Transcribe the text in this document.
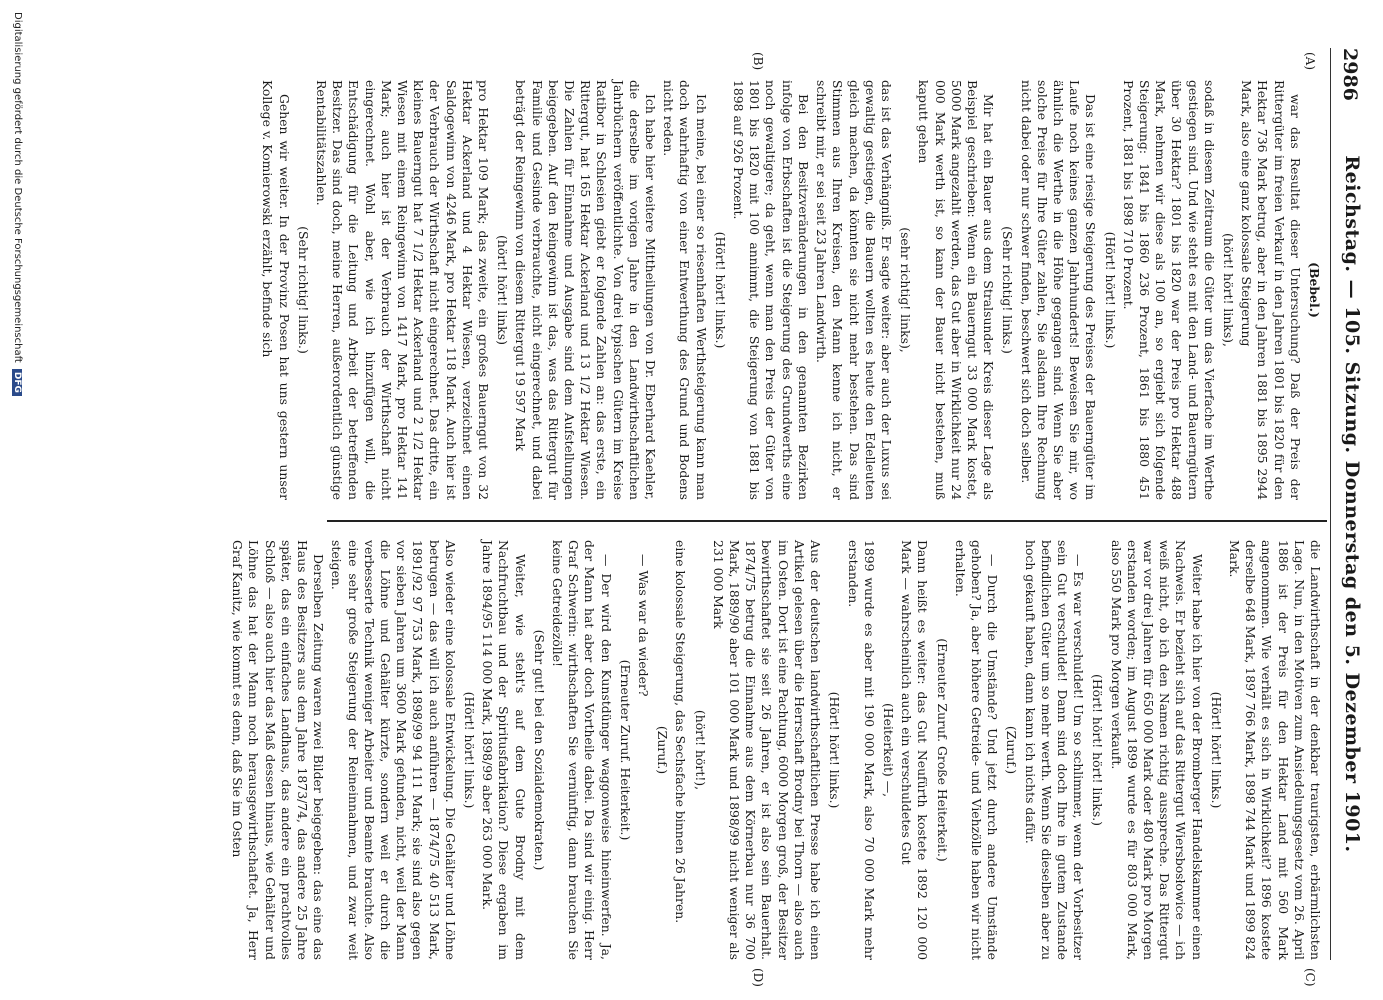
2986
Reichstag. — 105. Sitzung. Donnerstag den 5. Dezember 1901.
(A)
(B)
(C)
(D)

(Bebel.)

war das Resultat dieser Untersuchung? Daß der Preis der Rittergüter im freien Verkauf in den Jahren 1801 bis 1820 für den Hektar 736 Mark betrug, aber in den Jahren 1881 bis 1895 2944 Mark, also eine ganz kolossale Steigerung

(hört! hört! links),

sodaß in diesem Zeitraum die Güter um das Vierfache im Werthe gestiegen sind. Und wie steht es mit den Land- und Bauerngütern über 30 Hektar? 1801 bis 1820 war der Preis pro Hektar 488 Mark, nehmen wir diese als 100 an, so ergiebt sich folgende Steigerung: 1841 bis 1860 236 Prozent, 1861 bis 1880 451 Prozent, 1881 bis 1898 710 Prozent.

(Hört! hört! links.)

Das ist eine riesige Steigerung des Preises der Bauerngüter im Laufe noch keines ganzen Jahrhunderts! Beweisen Sie mir, wo ähnlich die Werthe in die Höhe gegangen sind. Wenn Sie aber solche Preise für Ihre Güter zahlen, Sie alsdann Ihre Rechnung nicht dabei oder nur schwer finden, beschwert sich doch selber.

(Sehr richtig! links.)

Mir hat ein Bauer aus dem Stralsunder Kreis dieser Lage als Beispiel geschrieben: Wenn ein Bauerngut 33 000 Mark kostet, 5000 Mark angezahlt werden, das Gut aber in Wirklichkeit nur 24 000 Mark werth ist, so kann der Bauer nicht bestehen, muß kaputt gehen

(sehr richtig! links),

das ist das Verhängniß. Er sagte weiter: aber auch der Luxus sei gewaltig gestiegen, die Bauern wollten es heute den Edelleuten gleich machen, da könnten sie nicht mehr bestehen. Das sind Stimmen aus Ihren Kreisen, den Mann kenne ich nicht, er schreibt mir, er sei seit 23 Jahren Landwirth.

Bei den Besitzveränderungen in den genannten Bezirken infolge von Erbschaften ist die Steigerung des Grundwerths eine noch gewaltigere; da geht, wenn man den Preis der Güter von 1801 bis 1820 mit 100 annimmt, die Steigerung von 1881 bis 1898 auf 926 Prozent.

(Hört! hört! links.)

Ich meine, bei einer so riesenhaften Werthsteigerung kann man doch wahrhaftig von einer Entwerthung des Grund und Bodens nicht reden.

Ich habe hier weitere Mittheilungen von Dr. Eberhard Kaehler, die derselbe im vorigen Jahre in den Landwirthschaftlichen Jahrbüchern veröffentlichte. Von drei typischen Gütern im Kreise Ratibor in Schlesien giebt er folgende Zahlen an: das erste, ein Rittergut, hat 165 Hektar Ackerland und 13 1/2 Hektar Wiesen. Die Zahlen für Einnahme und Ausgabe sind dem Aufstellungen beigegeben. Auf den Reingewinn ist das, was das Rittergut für Familie und Gesinde verbrauchte, nicht eingerechnet, und dabei beträgt der Reingewinn von diesem Rittergut 19 597 Mark

(hört! hört! links)

pro Hektar 109 Mark; das zweite, ein großes Bauerngut von 32 Hektar Ackerland und 4 Hektar Wiesen, verzeichnet einen Saldogewinn von 4246 Mark, pro Hektar 118 Mark. Auch hier ist der Verbrauch der Wirthschaft nicht eingerechnet. Das dritte, ein kleines Bauerngut hat 7 1/2 Hektar Ackerland und 2 1/2 Hektar Wiesen mit einem Reingewinn von 1417 Mark, pro Hektar 141 Mark; auch hier ist der Verbrauch der Wirthschaft nicht eingerechnet. Wohl aber, wie ich hinzufügen will, die Entschädigung für die Leitung und Arbeit der betreffenden Besitzer. Das sind doch, meine Herren, außerordentlich günstige Rentabilitätszahlen.

(Sehr richtig! links.)

Gehen wir weiter. In der Provinz Posen hat uns gestern unser Kollege v. Komierowski erzählt, befinde sich

die Landwirthschaft in der denkbar traurigsten, erbärmlichsten Lage. Nun, in den Motiven zum Ansiedelungsgesetz vom 26. April 1886 ist der Preis für den Hektar Land mit 560 Mark angenommen. Wie verhält es sich in Wirklichkeit? 1896 kostete derselbe 648 Mark, 1897 766 Mark, 1898 744 Mark und 1899 824 Mark.

(Hört! hört! links.)

Weiter habe ich hier von der Bromberger Handelskammer einen Nachweis. Er bezieht sich auf das Rittergut Wiersbosłowice — ich weiß nicht, ob ich den Namen richtig ausspreche. Das Rittergut war vor drei Jahren für 650 000 Mark oder 480 Mark pro Morgen erstanden worden; im August 1899 wurde es für 803 000 Mark, also 550 Mark pro Morgen verkauft.

(Hört! hört! hört! links.)

— Es war verschuldet! Um so schlimmer, wenn der Vorbesitzer sein Gut verschuldet! Dann sind doch Ihre in gutem Zustande befindlichen Güter um so mehr werth. Wenn Sie dieselben aber zu hoch gekauft haben, dann kann ich nichts dafür.

(Zuruf.)

— Durch die Umstände? Und jetzt durch andere Umstände gehoben? Ja, aber höhere Getreide- und Viehzölle haben wir nicht erhalten.

(Erneuter Zuruf. Große Heiterkeit.)

Dann heißt es weiter: das Gut Neufürth kostete 1892 120 000 Mark — wahrscheinlich auch ein verschuldetes Gut

(Heiterkeit) —,

1899 wurde es aber mit 190 000 Mark, also 70 000 Mark mehr erstanden.

(Hört! hört! links.)

Aus der deutschen landwirthschaftlichen Presse habe ich einen Artikel gelesen über die Herrschaft Brodny bei Thorn — also auch im Osten. Dort ist eine Pachtung, 6000 Morgen groß, der Besitzer bewirthschaftet sie seit 26 Jahren, er ist also sein Bauerhalt. 1874/75 betrug die Einnahme aus dem Körnerbau nur 36 700 Mark, 1889/90 aber 101 000 Mark und 1898/99 nicht weniger als 231 000 Mark

(hört! hört!),

eine kolossale Steigerung, das Sechsfache binnen 26 Jahren.

(Zuruf.)

— Was war da wieder?

(Erneuter Zuruf. Heiterkeit.)

— Der wird den Kunstdünger waggonweise hineinwerfen. Ja, der Mann hat aber doch Vortheile dabei. Da sind wir einig. Herr Graf Schwerin: wirthschaften Sie vernünftig, dann brauchen Sie keine Getreidezölle!

(Sehr gut! bei den Sozialdemokraten.)

Weiter, wie steht's auf dem Gute Brodny mit dem Nachfruchtbau und der Spiritusfabrikation? Diese ergaben im Jahre 1894/95 114 000 Mark, 1898/99 aber 263 000 Mark.

(Hört! hört! links.)

Also wieder eine kolossale Entwickelung. Die Gehälter und Löhne betrugen — das will ich auch anführen — 1874/75 40 513 Mark, 1891/92 97 753 Mark, 1898/99 94 111 Mark; sie sind also gegen vor sieben Jahren um 3600 Mark gefunden, nicht, weil der Mann die Löhne und Gehälter kürzte, sondern weil er durch die verbesserte Technik weniger Arbeiter und Beamte brauchte. Also eine sehr große Steigerung der Reineinnahmen, und zwar weit steigen.

Derselben Zeitung waren zwei Bilder beigegeben: das eine das Haus des Besitzers aus dem Jahre 1873/74, das andere 25 Jahre später, das ein einfaches Landhaus, das andere ein prachtvolles Schloß — also auch hier das Maß dessen hinaus, wie Gehälter und Löhne das hat der Mann noch herausgewirthschaftet. Ja, Herr Graf Kanitz, wie kommt es denn, daß Sie im Osten

Digitalisierung gefördert durch die Deutsche ForschungsgemeinschaftDFG
